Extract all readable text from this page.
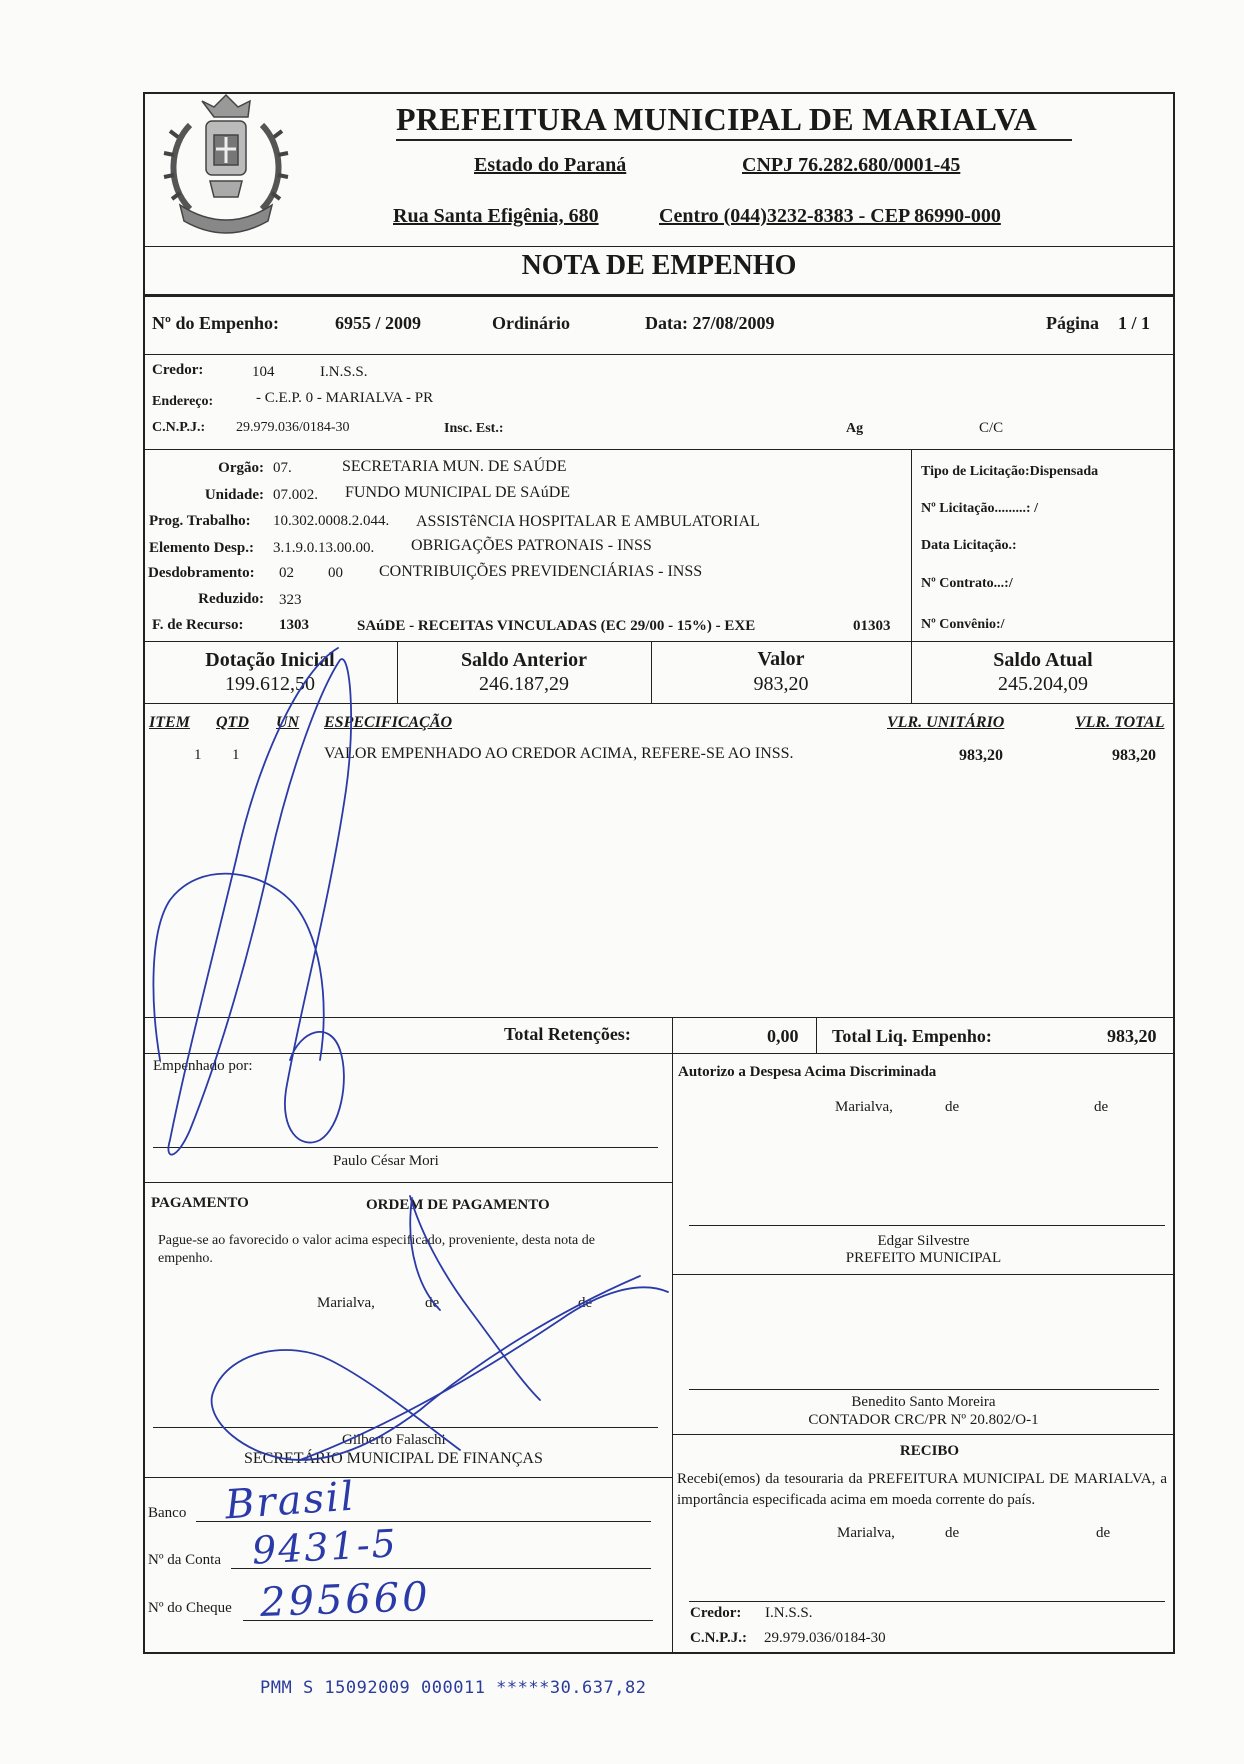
PREFEITURA MUNICIPAL DE MARIALVA
Estado do Paraná	CNPJ 76.282.680/0001-45
Rua Santa Efigênia, 680	Centro (044)3232-8383 - CEP 86990-000
NOTA DE EMPENHO
Nº do Empenho:	6955 / 2009	Ordinário	Data: 27/08/2009	Página 1 / 1
Credor:	104	I.N.S.S.
Endereço:	- C.E.P. 0 - MARIALVA - PR
C.N.P.J.: 29.979.036/0184-30	Insc. Est.:	Ag	C/C
Orgão: 07.	SECRETARIA MUN. DE SAÚDE
Unidade: 07.002. FUNDO MUNICIPAL DE SAúDE
Prog. Trabalho: 10.302.0008.2.044. ASSISTêNCIA HOSPITALAR E AMBULATORIAL
Elemento Desp.: 3.1.9.0.13.00.00. OBRIGAÇÕES PATRONAIS - INSS
Desdobramento: 02 00 CONTRIBUIÇÕES PREVIDENCIÁRIAS - INSS
Reduzido: 323
F. de Recurso: 1303	SAúDE - RECEITAS VINCULADAS (EC 29/00 - 15%) - EXE	01303
Tipo de Licitação:Dispensada
Nº Licitação.........: /
Data Licitação.:
Nº Contrato...:/
Nº Convênio:/
Dotação Inicial
199.612,50
Saldo Anterior
246.187,29
Valor
983,20
Saldo Atual
245.204,09
ITEM QTD UN ESPECIFICAÇÃO	VLR. UNITÁRIO	VLR. TOTAL
1 1	VALOR EMPENHADO AO CREDOR ACIMA, REFERE-SE AO INSS.	983,20	983,20
Total Retenções:	0,00 Total Liq. Empenho:	983,20
Empenhado por:
Paulo César Mori
Autorizo a Despesa Acima Discriminada
Marialva,	de	de
Edgar Silvestre
PREFEITO MUNICIPAL
PAGAMENTO	ORDEM DE PAGAMENTO
Pague-se ao favorecido o valor acima especificado, proveniente, desta nota de empenho.
Marialva,	de	de
Gilberto Falaschi
SECRETÁRIO MUNICIPAL DE FINANÇAS
Benedito Santo Moreira
CONTADOR CRC/PR Nº 20.802/O-1
RECIBO
Recebi(emos) da tesouraria da PREFEITURA MUNICIPAL DE MARIALVA, a importância especificada acima em moeda corrente do país.
Marialva,	de	de
Credor: I.N.S.S.
C.N.P.J.: 29.979.036/0184-30
Banco
Nº da Conta
Nº do Cheque
Brasil
9431-5
295660
PMM S 15092009 000011 *****30.637,82
